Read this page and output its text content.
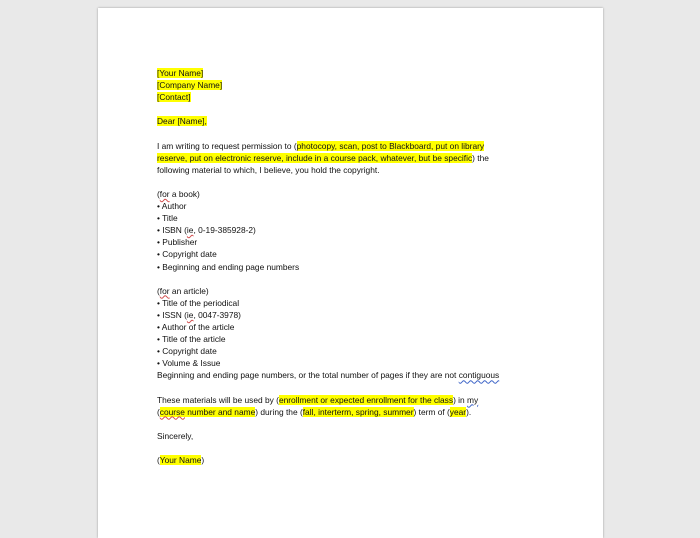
[Your Name]
[Company Name]
[Contact]
Dear [Name],
I am writing to request permission to (photocopy, scan, post to Blackboard, put on library
reserve, put on electronic reserve, include in a course pack, whatever, but be specific) the
following material to which, I believe, you hold the copyright.
(for a book)
• Author
• Title
• ISBN (ie, 0-19-385928-2)
• Publisher
• Copyright date
• Beginning and ending page numbers
(for an article)
• Title of the periodical
• ISSN (ie, 0047-3978)
• Author of the article
• Title of the article
• Copyright date
• Volume & Issue
Beginning and ending page numbers, or the total number of pages if they are not contiguous
These materials will be used by (enrollment or expected enrollment for the class) in my
(course number and name) during the (fall, interterm, spring, summer) term of (year).
Sincerely,
(Your Name)
